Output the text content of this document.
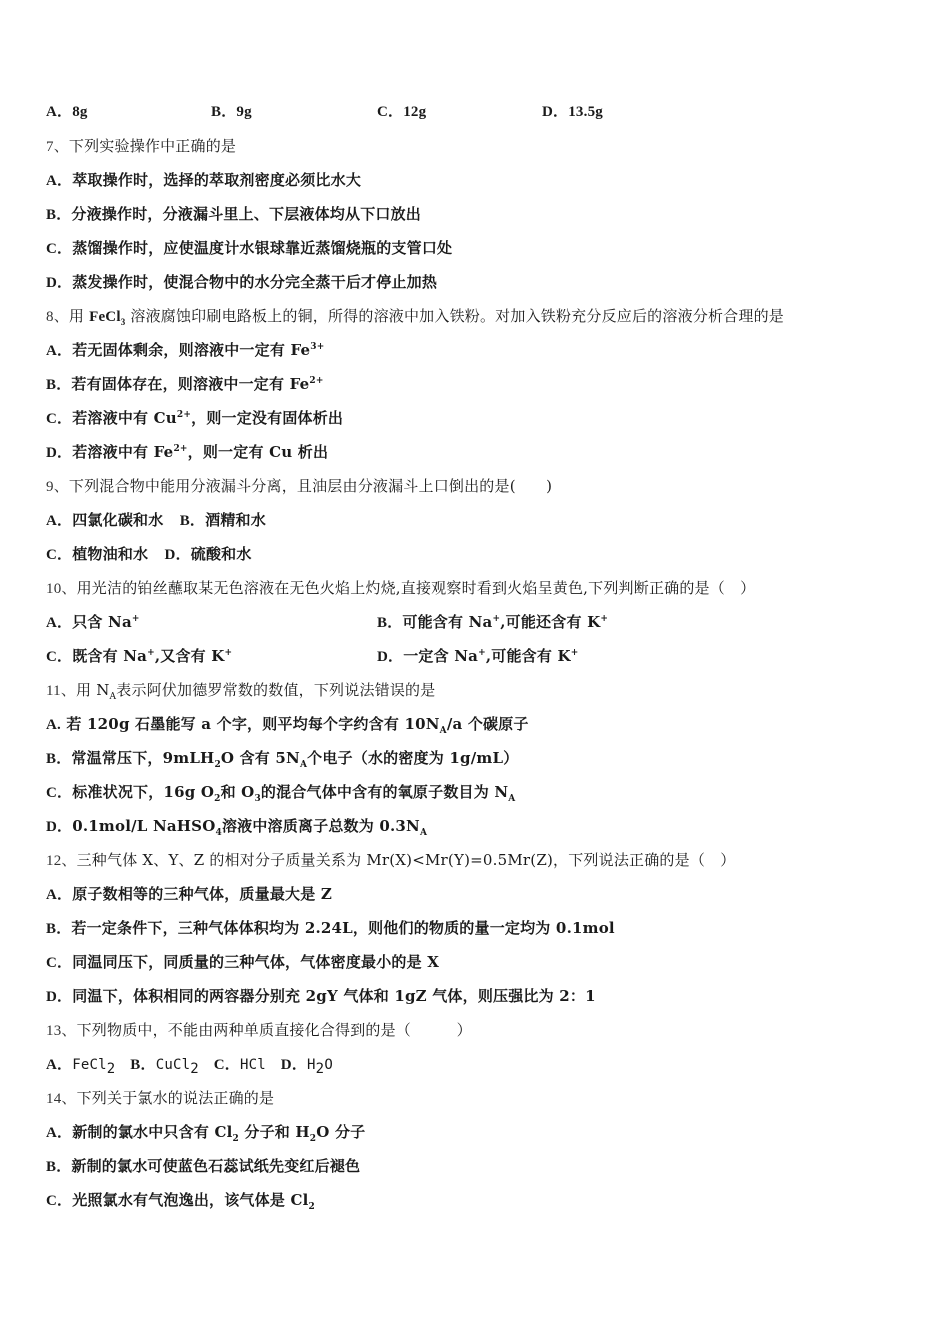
A．8g	B．9g	C．12g	D．13.5g
7、下列实验操作中正确的是
A．萃取操作时，选择的萃取剂密度必须比水大
B．分液操作时，分液漏斗里上、下层液体均从下口放出
C．蒸馏操作时，应使温度计水银球靠近蒸馏烧瓶的支管口处
D．蒸发操作时，使混合物中的水分完全蒸干后才停止加热
8、用 FeCl$_3$ 溶液腐蚀印刷电路板上的铜，所得的溶液中加入铁粉。对加入铁粉充分反应后的溶液分析合理的是
A．若无固体剩余，则溶液中一定有 $Fe^{3+}$
B．若有固体存在，则溶液中一定有 $Fe^{2+}$
C．若溶液中有 $Cu^{2+}$，则一定没有固体析出
D．若溶液中有 $Fe^{2+}$，则一定有 Cu 析出
9、下列混合物中能用分液漏斗分离，且油层由分液漏斗上口倒出的是(　　)
A．四氯化碳和水 B．酒精和水
C．植物油和水 D．硫酸和水
10、用光洁的铂丝蘸取某无色溶液在无色火焰上灼烧,直接观察时看到火焰呈黄色,下列判断正确的是（　）
A．只含 Na+	B．可能含有 Na+,可能还含有 K+
C．既含有 Na+,又含有 K+	D．一定含 Na+,可能含有 K+
11、用 $N_A$表示阿伏加德罗常数的数值，下列说法错误的是
A. 若 120g 石墨能写 a 个字，则平均每个字约含有 $10N_A/a$ 个碳原子
B．常温常压下，9mLH$_2$O 含有 $5N_A$个电子（水的密度为 1g/mL）
C．标准状况下，16g $O_2$和 $O_3$的混合气体中含有的氧原子数目为 $N_A$
D．0.1mol/L NaHSO$_4$溶液中溶质离子总数为 $0.3N_A$
12、三种气体 X、Y、Z 的相对分子质量关系为 Mr(X)<Mr(Y)=0.5Mr(Z)，下列说法正确的是（　）
A．原子数相等的三种气体，质量最大是 Z
B．若一定条件下，三种气体体积均为 2.24L，则他们的物质的量一定均为 0.1mol
C．同温同压下，同质量的三种气体，气体密度最小的是 X
D．同温下，体积相同的两容器分别充 2gY 气体和 1gZ 气体，则压强比为 2：1
13、下列物质中，不能由两种单质直接化合得到的是（　　　）
A．FeCl$_2$ B．CuCl$_2$ C．HCl D．$H_2O$
14、下列关于氯水的说法正确的是
A．新制的氯水中只含有 $Cl_2$ 分子和 $H_2O$ 分子
B．新制的氯水可使蓝色石蕊试纸先变红后褪色
C．光照氯水有气泡逸出，该气体是 $Cl_2$
